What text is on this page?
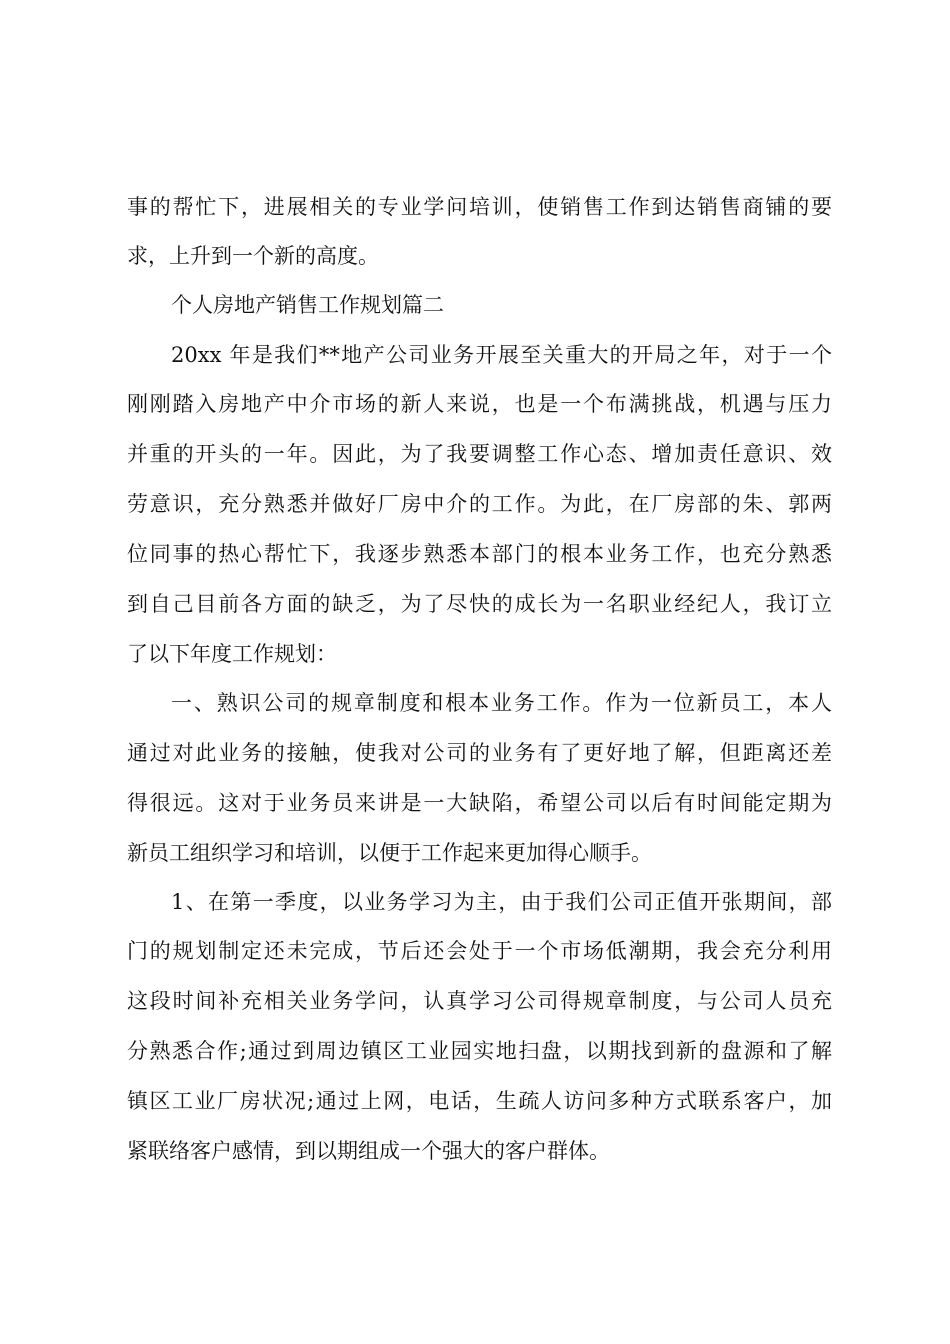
事的帮忙下，进展相关的专业学问培训，使销售工作到达销售商铺的要
求，上升到一个新的高度。
个人房地产销售工作规划篇二
20xx 年是我们**地产公司业务开展至关重大的开局之年，对于一个
刚刚踏入房地产中介市场的新人来说，也是一个布满挑战，机遇与压力
并重的开头的一年。因此，为了我要调整工作心态、增加责任意识、效
劳意识，充分熟悉并做好厂房中介的工作。为此，在厂房部的朱、郭两
位同事的热心帮忙下，我逐步熟悉本部门的根本业务工作，也充分熟悉
到自己目前各方面的缺乏，为了尽快的成长为一名职业经纪人，我订立
了以下年度工作规划：
一、熟识公司的规章制度和根本业务工作。作为一位新员工，本人
通过对此业务的接触，使我对公司的业务有了更好地了解，但距离还差
得很远。这对于业务员来讲是一大缺陷，希望公司以后有时间能定期为
新员工组织学习和培训，以便于工作起来更加得心顺手。
1、在第一季度，以业务学习为主，由于我们公司正值开张期间，部
门的规划制定还未完成，节后还会处于一个市场低潮期，我会充分利用
这段时间补充相关业务学问，认真学习公司得规章制度，与公司人员充
分熟悉合作;通过到周边镇区工业园实地扫盘，以期找到新的盘源和了解
镇区工业厂房状况;通过上网，电话，生疏人访问多种方式联系客户，加
紧联络客户感情，到以期组成一个强大的客户群体。
